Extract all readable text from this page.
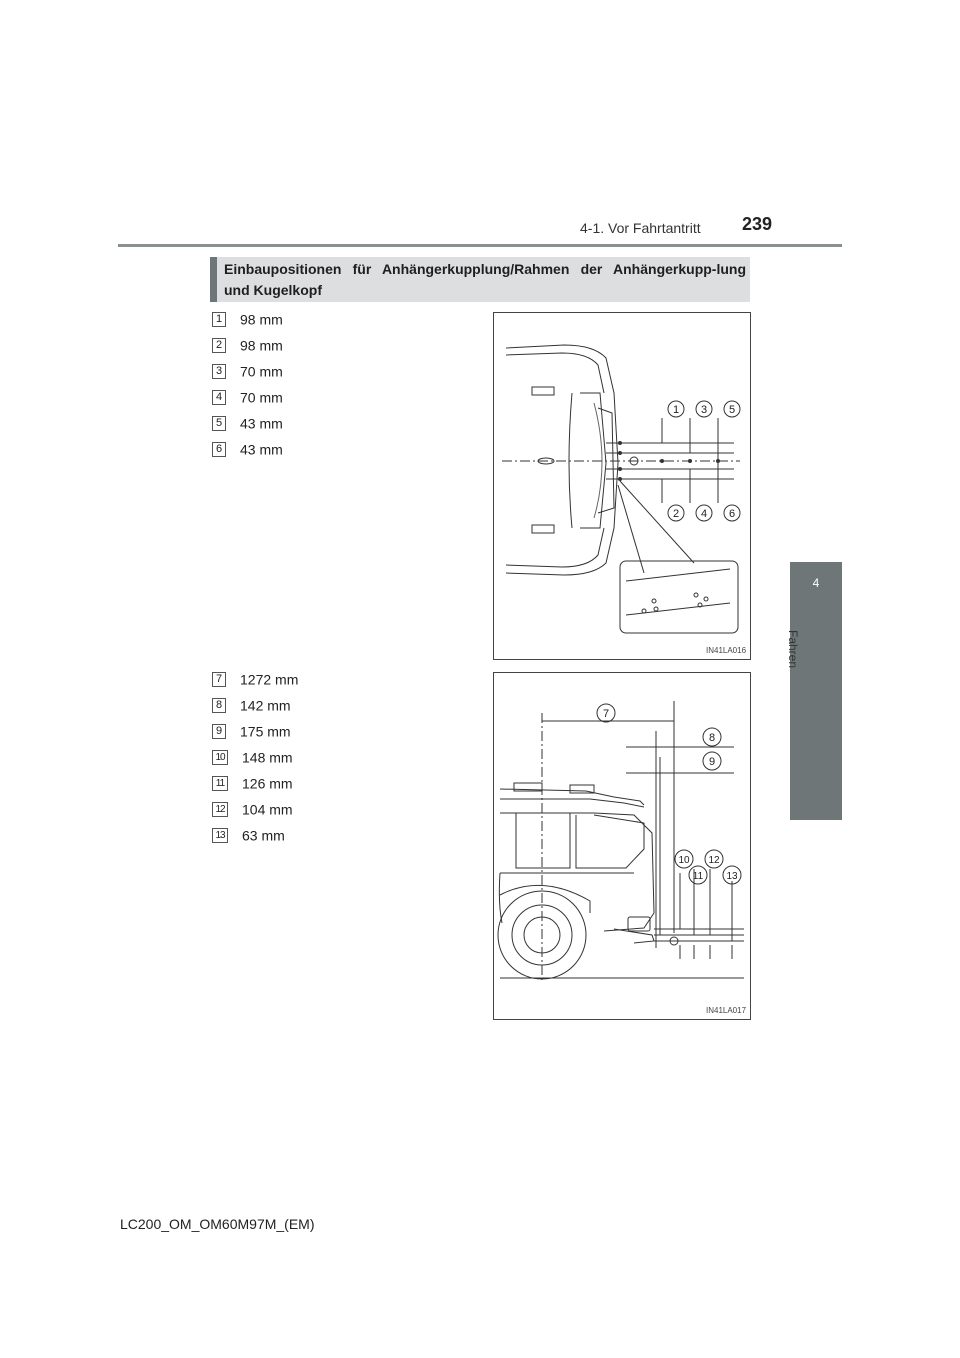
4-1. Vor Fahrtantritt 239
4
Fahren
Einbaupositionen für Anhängerkupplung/Rahmen der Anhängerkupp-lung und Kugelkopf
1 98 mm
2 98 mm
3 70 mm
4 70 mm
5 43 mm
6 43 mm
7 1272 mm
8 142 mm
9 175 mm
10 148 mm
11 126 mm
12 104 mm
13 63 mm
1 3 5
2 4 6
IN41LA016
7
8
9
10 12
11 13
IN41LA017
LC200_OM_OM60M97M_(EM)
